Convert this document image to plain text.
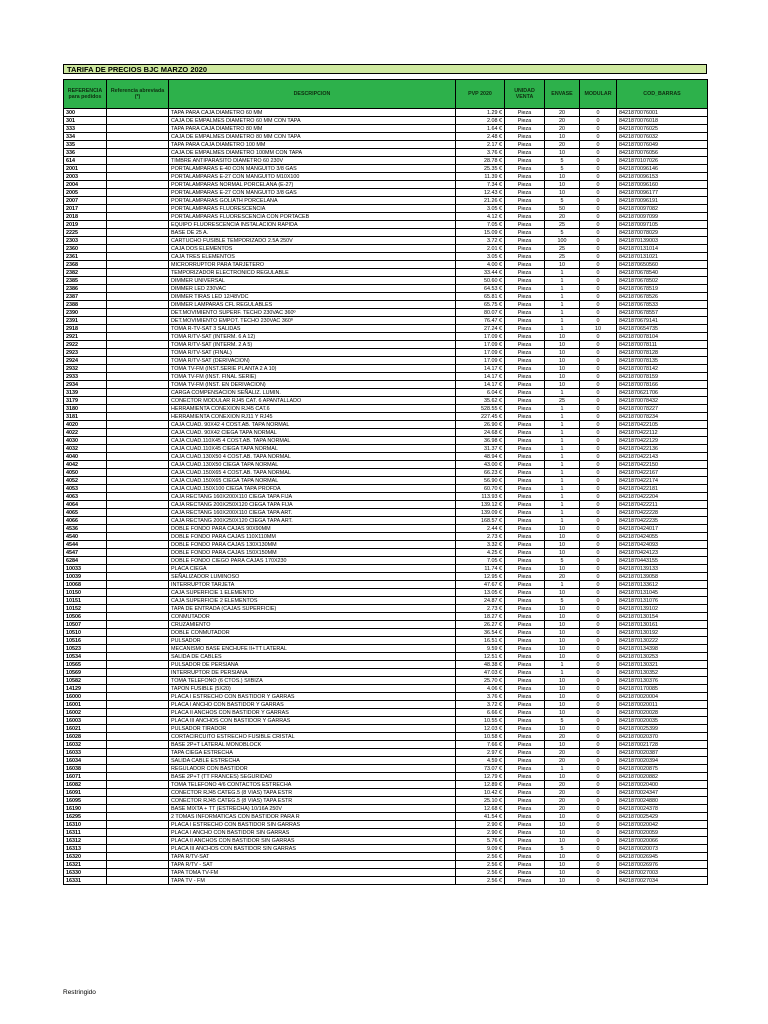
TARIFA DE PRECIOS BJC MARZO 2020
REFERENCIA para pedidos	Referencia abreviada (*)	DESCRIPCION	PVP 2020	UNIDAD VENTA	ENVASE	MODULAR	COD_BARRAS
300		TAPA PARA CAJA DIAMETRO 60 MM	1.29 €	Pieza	20	0	8421870076001
301		CAJA DE EMPALMES DIAMETRO 60 MM CON TAPA	2.08 €	Pieza	20	0	8421870076018
333		TAPA PARA CAJA DIAMETRO 80 MM	1.64 €	Pieza	20	0	8421870076025
334		CAJA DE EMPALMES DIAMETRO 80 MM CON TAPA	2.48 €	Pieza	10	0	8421870076032
335		TAPA PARA CAJA DIAMETRO 100 MM	2.17 €	Pieza	20	0	8421870076049
336		CAJA DE EMPALMES DIAMETRO 100MM CON TAPA	3.76 €	Pieza	10	0	8421870076056
614		TIMBRE ANTIPARASITO DIAMETRO 60 230V	28.78 €	Pieza	5	0	8421870107026
2001		PORTALAMPARAS E-40 CON MANGUITO 3/8 GAS	25.35 €	Pieza	5	0	8421870096146
2003		PORTALAMPARAS E-27 CON MANGUITO M10X100	11.39 €	Pieza	10	0	8421870096153
2004		PORTALAMPARAS NORMAL PORCELANA (E-27)	7.34 €	Pieza	10	0	8421870096160
2005		PORTALAMPARAS E-27 CON MANGUITO 3/8 GAS	12.43 €	Pieza	10	0	8421870096177
2007		PORTALAMPARAS GOLIATH PORCELANA	21.26 €	Pieza	5	0	8421870096191
2017		PORTALAMPARAS FLUORESCENCIA	3.05 €	Pieza	50	0	8421870097082
2018		PORTALAMPARAS FLUORESCENCIA CON PORTACEB	4.12 €	Pieza	20	0	8421870097099
2019		EQUIPO FLUORESCENCIA INSTALACION RAPIDA	7.05 €	Pieza	25	0	8421870097105
2225		BASE DE 25 A.	15.09 €	Pieza	5	0	8421870078029
2303		CARTUCHO FUSIBLE TEMPORIZADO 2.5A 250V	3.72 €	Pieza	100	0	8421870139003
2360		CAJA DOS ELEMENTOS	2.01 €	Pieza	25	0	8421870131014
2361		CAJA TRES ELEMENTOS	3.05 €	Pieza	25	0	8421870131021
2368		MICRORRUPTOR PARA TARJETERO	4.00 €	Pieza	10	0	8421870650560
2382		TEMPORIZADOR ELECTRONICO REGULABLE	33.44 €	Pieza	1	0	8421870678540
2385		DIMMER UNIVERSAL	50.60 €	Pieza	1	0	8421870678502
2386		DIMMER LED 230VAC	64.53 €	Pieza	1	0	8421870678519
2387		DIMMER TIRAS LED 12/48VDC	65.81 €	Pieza	1	0	8421870678526
2388		DIMMER LAMPARAS CFL REGULABLES	65.75 €	Pieza	1	0	8421870678533
2390		DET.MOVIMIENTO SUPERF. TECHO 230VAC 360º	80.07 €	Pieza	1	0	8421870678557
2391		DET.MOVIMIENTO EMPOT. TECHO 230VAC 360º	76.47 €	Pieza	1	0	8421870679141
2918		TOMA R-TV-SAT 3 SALIDAS	27.24 €	Pieza	1	10	8421870654735
2921		TOMA R/TV-SAT (INTERM. 6 A 12)	17.09 €	Pieza	10	0	8421870078104
2922		TOMA R/TV-SAT (INTERM. 2 A 5)	17.09 €	Pieza	10	0	8421870078111
2923		TOMA R/TV-SAT (FINAL)	17.09 €	Pieza	10	0	8421870078128
2924		TOMA R/TV-SAT (DERIVACION)	17.09 €	Pieza	10	0	8421870078135
2932		TOMA TV-FM (INST.SERIE PLANTA 2 A 10)	14.17 €	Pieza	10	0	8421870078142
2933		TOMA TV-FM (INST. FINAL SERIE)	14.17 €	Pieza	10	0	8421870078159
2934		TOMA TV-FM (INST. EN DERIVACION)	14.17 €	Pieza	10	0	8421870078166
3139		CARGA COMPENSACION SEÑALIZ. LUMIN.	6.04 €	Pieza	1	0	8421870621706
3179		CONECTOR MODULAR RJ45 CAT. 6 APANTALLADO	35.62 €	Pieza	25	0	8421870078432
3180		HERRAMIENTA CONEXION RJ45 CAT.6	528.55 €	Pieza	1	0	8421870078227
3181		HERRAMIENTA CONEXION RJ11 Y RJ45	227.45 €	Pieza	1	0	8421870078234
4020		CAJA CUAD. 90X42 4 COST.AB. TAPA NORMAL	26.90 €	Pieza	1	0	8421870422105
4022		CAJA CUAD. 90X42 CIEGA TAPA NORMAL	24.68 €	Pieza	1	0	8421870422112
4030		CAJA CUAD.110X45 4 COST.AB. TAPA NORMAL	36.98 €	Pieza	1	0	8421870422129
4032		CAJA CUAD.110X45 CIEGA TAPA NORMAL	31.37 €	Pieza	1	0	8421870422136
4040		CAJA CUAD.130X50 4 COST.AB. TAPA NORMAL	48.94 €	Pieza	1	0	8421870422143
4042		CAJA CUAD.130X50 CIEGA TAPA NORMAL	43.00 €	Pieza	1	0	8421870422150
4050		CAJA CUAD.150X65 4 COST.AB. TAPA NORMAL	66.23 €	Pieza	1	0	8421870422167
4052		CAJA CUAD.150X65 CIEGA TAPA NORMAL	56.90 €	Pieza	1	0	8421870422174
4053		CAJA CUAD.150X100 CIEGA TAPA PROFDA	60.70 €	Pieza	1	0	8421870422181
4063		CAJA RECTANG 160X200X110 CIEGA TAPA FIJA	113.93 €	Pieza	1	0	8421870422204
4064		CAJA RECTANG 200X250X120 CIEGA TAPA FIJA	139.12 €	Pieza	1	0	8421870422211
4065		CAJA RECTANG 160X200X110 CIEGA TAPA ART.	139.09 €	Pieza	1	0	8421870422228
4066		CAJA RECTANG 200X250X120 CIEGA TAPA ART.	168.57 €	Pieza	1	0	8421870422235
4536		DOBLE FONDO PARA CAJAS 90X90MM	2.44 €	Pieza	10	0	8421870424017
4540		DOBLE FONDO PARA CAJAS 110X110MM	2.73 €	Pieza	10	0	8421870424055
4544		DOBLE FONDO PARA CAJAS 130X130MM	3.32 €	Pieza	10	0	8421870424093
4547		DOBLE FONDO PARA CAJAS 150X150MM	4.25 €	Pieza	10	0	8421870424123
6284		DOBLE FONDO CIEGO PARA CAJAS 170X230	7.05 €	Pieza	5	0	8421870443155
10033		PLACA CIEGA	11.74 €	Pieza	10	0	8421870139133
10039		SEÑALIZADOR LUMINOSO	12.95 €	Pieza	20	0	8421870139058
10068		INTERRUPTOR TARJETA	47.67 €	Pieza	1	0	8421870133612
10150		CAJA SUPERFICIE 1 ELEMENTO	13.05 €	Pieza	10	0	8421870131045
10151		CAJA SUPERFICIE 2 ELEMENTOS	24.87 €	Pieza	5	0	8421870131076
10152		TAPA DE ENTRADA (CAJAS SUPERFICIE)	2.73 €	Pieza	10	0	8421870139102
10506		CONMUTADOR	18.27 €	Pieza	10	0	8421870130154
10507		CRUZAMIENTO	26.27 €	Pieza	10	0	8421870130161
10510		DOBLE CONMUTADOR	36.54 €	Pieza	10	0	8421870130192
10516		PULSADOR	16.51 €	Pieza	10	0	8421870130222
10523		MECANISMO BASE ENCHUFE II+TT LATERAL	9.59 €	Pieza	10	0	8421870134398
10534		SALIDA DE CABLES	12.51 €	Pieza	10	0	8421870130253
10565		PULSADOR DE PERSIANA	48.38 €	Pieza	1	0	8421870130321
10569		INTERRUPTOR DE PERSIANA	47.03 €	Pieza	1	0	8421870130352
10582		TOMA TELEFONO (6 CTOS.) S/IBIZA	25.70 €	Pieza	10	0	8421870130376
14129		TAPON FUSIBLE (5X20)	4.06 €	Pieza	10	0	8421870170085
16000		PLACA I ESTRECHO CON BASTIDOR Y GARRAS	3.76 €	Pieza	10	0	8421870020004
16001		PLACA I ANCHO CON BASTIDOR Y GARRAS	3.72 €	Pieza	10	0	8421870020011
16002		PLACA II ANCHOS CON BASTIDOR Y GARRAS	6.66 €	Pieza	10	0	8421870020028
16003		PLACA III ANCHOS CON BASTIDOR Y GARRAS	10.55 €	Pieza	5	0	8421870020035
16021		PULSADOR TIRADOR	12.03 €	Pieza	10	0	8421870025399
16028		CORTACIRCUITO ESTRECHO FUSIBLE CRISTAL	10.58 €	Pieza	20	0	8421870020370
16032		BASE 2P+T LATERAL MONOBLOCK	7.66 €	Pieza	10	0	8421870021728
16033		TAPA CIEGA ESTRECHA	2.97 €	Pieza	20	0	8421870020387
16034		SALIDA CABLE ESTRECHA	4.59 €	Pieza	20	0	8421870020394
16038		REGULADOR CON BASTIDOR	73.07 €	Pieza	1	0	8421870020875
16071		BASE 2P+T (TT FRANCES) SEGURIDAD	12.79 €	Pieza	10	0	8421870020882
16082		TOMA TELEFONO 4/6 CONTACTOS ESTRECHA	12.89 €	Pieza	20	0	8421870020400
16091		CONECTOR RJ45 CATEG.5 (8 VIAS) TAPA ESTR	10.42 €	Pieza	20	0	8421870024347
16095		CONECTOR RJ45 CATEG.5 (8 VIAS) TAPA ESTR	25.10 €	Pieza	20	0	8421870024880
16190		BASE MIXTA + TT (ESTRECHA) 10/16A 250V	12.68 €	Pieza	20	0	8421870024378
16295		2 TOMAS INFORMATICAS CON BASTIDOR PARA R	41.54 €	Pieza	10	0	8421870025429
16310		PLACA I ESTRECHO CON BASTIDOR SIN GARRAS	2.90 €	Pieza	10	0	8421870020042
16311		PLACA I ANCHO CON BASTIDOR SIN GARRAS	2.90 €	Pieza	10	0	8421870020059
16312		PLACA II ANCHOS CON BASTIDOR SIN GARRAS	5.76 €	Pieza	10	0	8421870020066
16313		PLACA III ANCHOS CON BASTIDOR SIN GARRAS	9.09 €	Pieza	5	0	8421870020073
16320		TAPA R/TV-SAT	2.56 €	Pieza	10	0	8421870026945
16321		TAPA R/TV - SAT	2.56 €	Pieza	10	0	8421870026976
16330		TAPA TOMA TV-FM	2.56 €	Pieza	10	0	8421870027003
16331		TAPA TV - FM	2.56 €	Pieza	10	0	8421870027034
Restringido
